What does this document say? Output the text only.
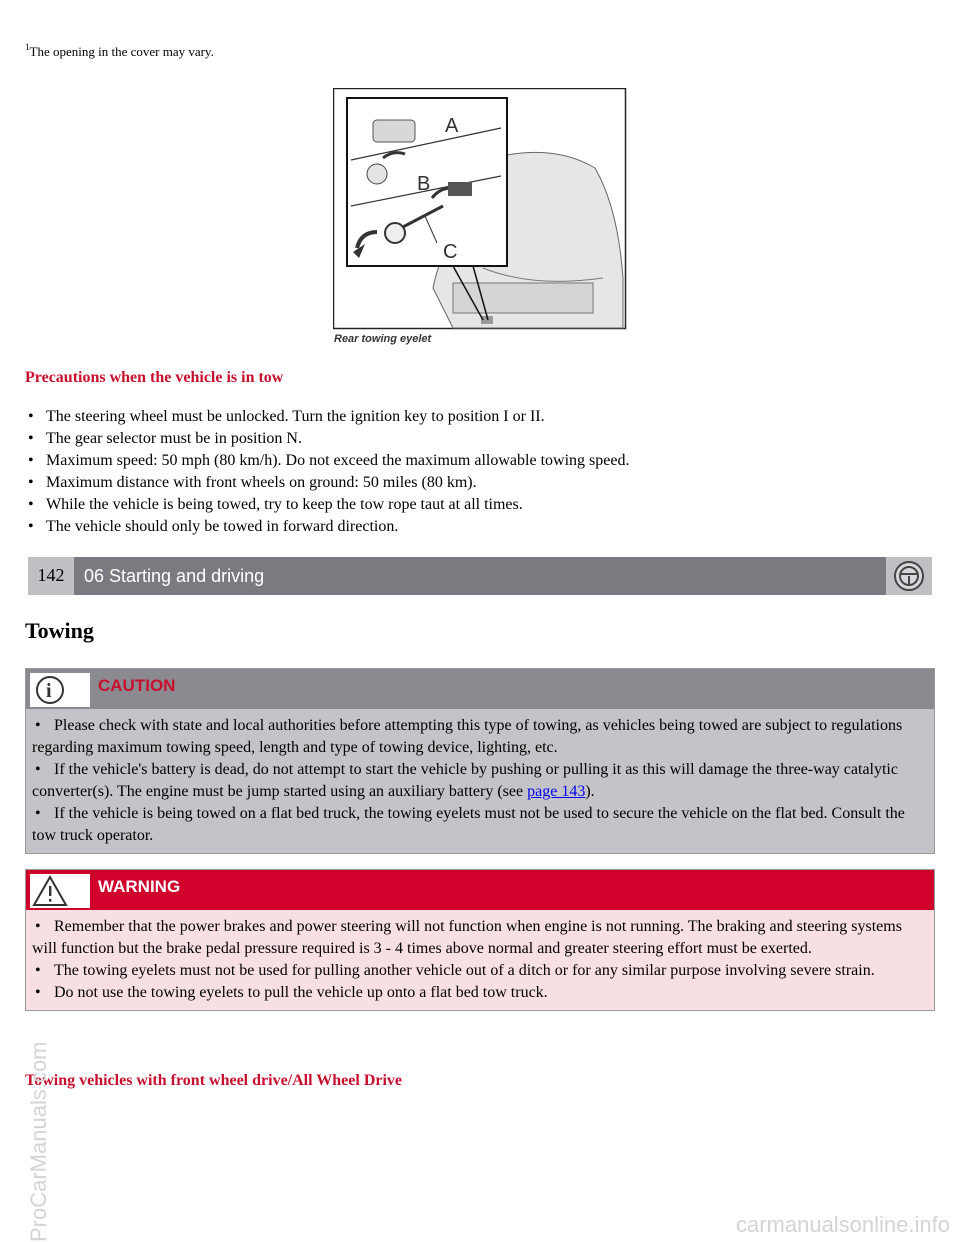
$^1$The opening in the cover may vary.
A
B
C
Rear towing eyelet
Precautions when the vehicle is in tow
• The steering wheel must be unlocked. Turn the ignition key to position I or II.
• The gear selector must be in position N.
• Maximum speed: 50 mph (80 km/h). Do not exceed the maximum allowable towing speed.
• Maximum distance with front wheels on ground: 50 miles (80 km).
• While the vehicle is being towed, try to keep the tow rope taut at all times.
• The vehicle should only be towed in forward direction.
142	06 Starting and driving
Towing
i	CAUTION
• Please check with state and local authorities before attempting this type of towing, as vehicles being towed are subject to regulations regarding maximum towing speed, length and type of towing device, lighting, etc.
• If the vehicle's battery is dead, do not attempt to start the vehicle by pushing or pulling it as this will damage the three-way catalytic converter(s). The engine must be jump started using an auxiliary battery (see page 143).
• If the vehicle is being towed on a flat bed truck, the towing eyelets must not be used to secure the vehicle on the flat bed. Consult the tow truck operator.
WARNING
• Remember that the power brakes and power steering will not function when engine is not running. The braking and steering systems will function but the brake pedal pressure required is 3 - 4 times above normal and greater steering effort must be exerted.
• The towing eyelets must not be used for pulling another vehicle out of a ditch or for any similar purpose involving severe strain.
• Do not use the towing eyelets to pull the vehicle up onto a flat bed tow truck.
Towing vehicles with front wheel drive/All Wheel Drive
ProCarManuals.com	carmanualsonline.info
